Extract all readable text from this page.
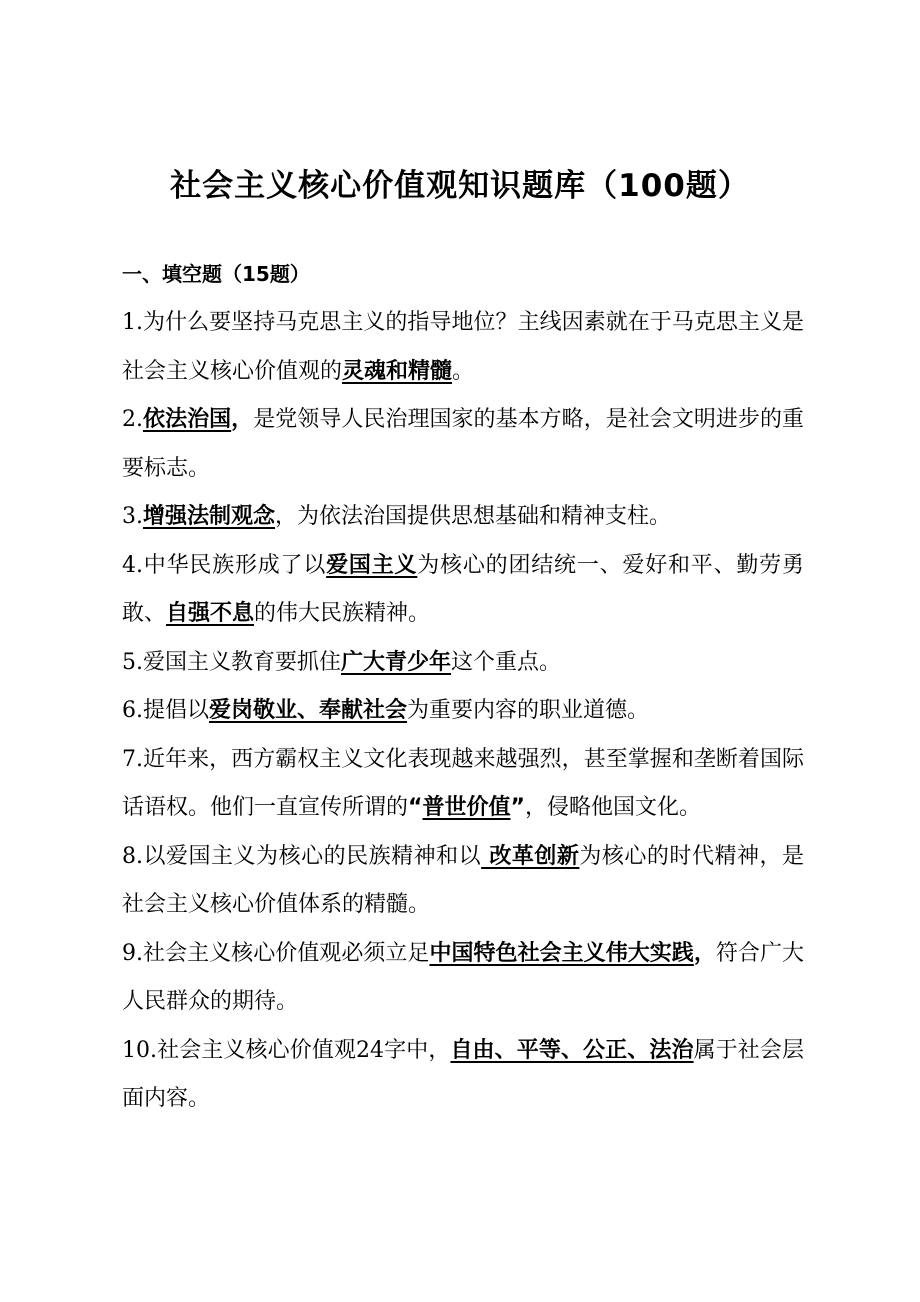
社会主义核心价值观知识题库（100题）
一、填空题（15题）

1.为什么要坚持马克思主义的指导地位？主线因素就在于马克思主义是社会主义核心价值观的灵魂和精髓。

2.依法治国，是党领导人民治理国家的基本方略，是社会文明进步的重要标志。

3.增强法制观念，为依法治国提供思想基础和精神支柱。

4.中华民族形成了以爱国主义为核心的团结统一、爱好和平、勤劳勇敢、自强不息的伟大民族精神。

5.爱国主义教育要抓住广大青少年这个重点。

6.提倡以爱岗敬业、奉献社会为重要内容的职业道德。

7.近年来，西方霸权主义文化表现越来越强烈，甚至掌握和垄断着国际话语权。他们一直宣传所谓的“普世价值”，侵略他国文化。

8.以爱国主义为核心的民族精神和以 改革创新为核心的时代精神，是社会主义核心价值体系的精髓。

9.社会主义核心价值观必须立足中国特色社会主义伟大实践，符合广大人民群众的期待。

10.社会主义核心价值观24字中，自由、平等、公正、法治属于社会层面内容。
